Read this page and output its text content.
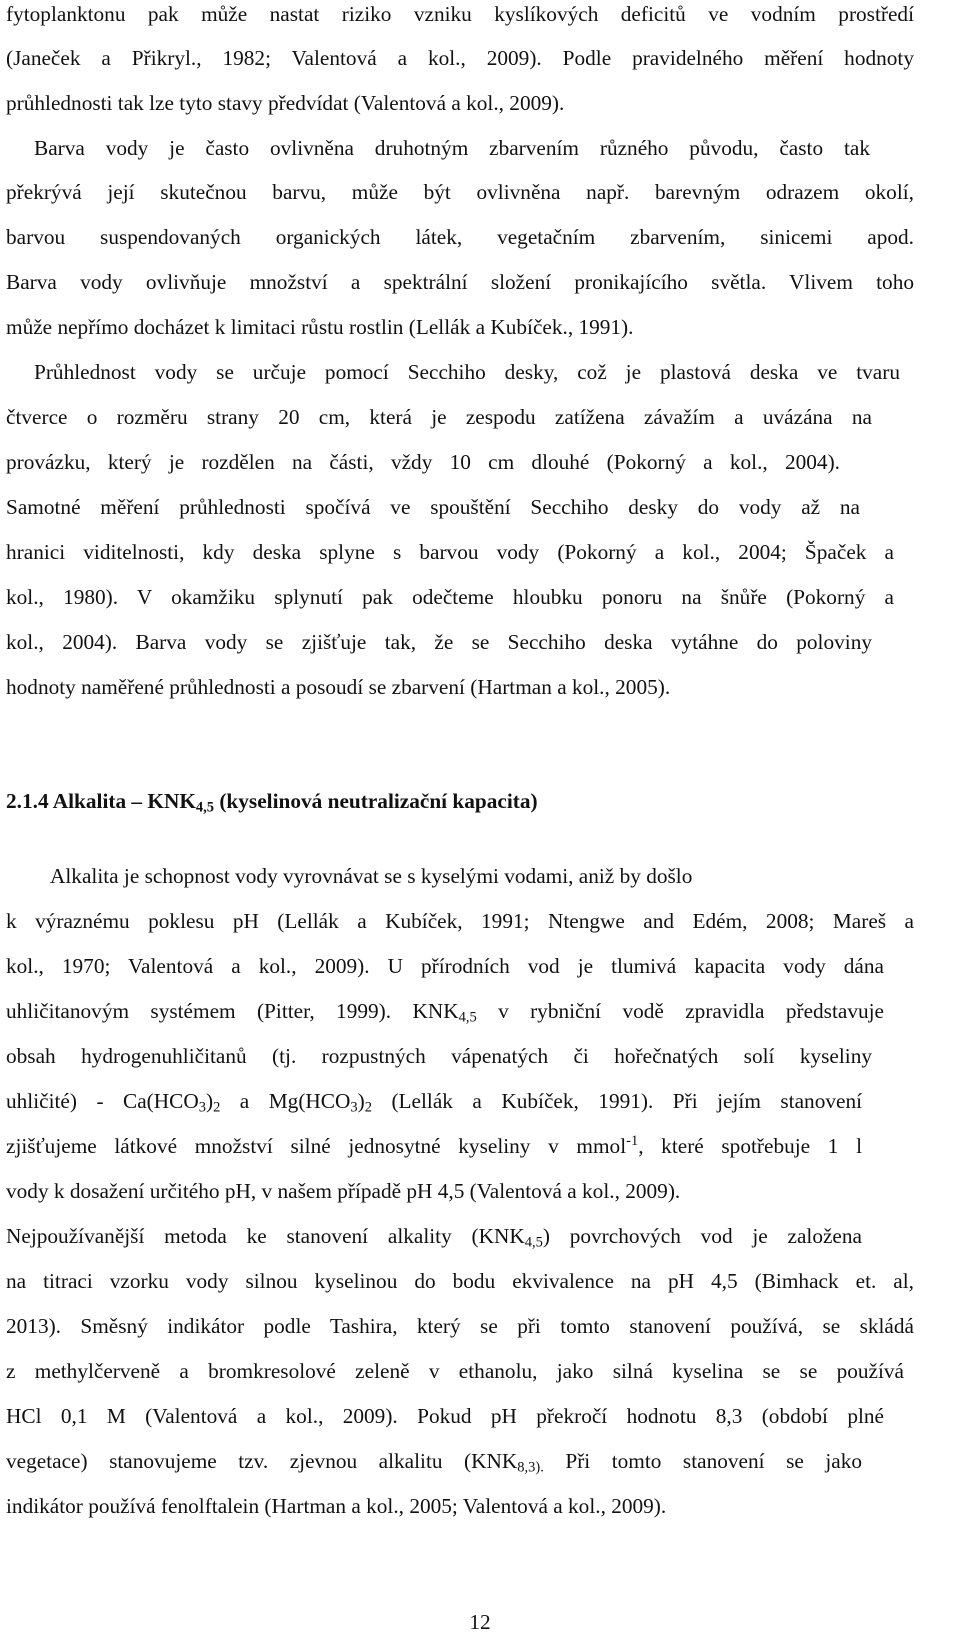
fytoplanktonu pak může nastat riziko vzniku kyslíkových deficitů ve vodním prostředí
(Janeček a Přikryl., 1982; Valentová a kol., 2009). Podle pravidelného měření hodnoty
průhlednosti tak lze tyto stavy předvídat (Valentová a kol., 2009).
Barva vody je často ovlivněna druhotným zbarvením různého původu, často tak
překrývá její skutečnou barvu, může být ovlivněna např. barevným odrazem okolí,
barvou suspendovaných organických látek, vegetačním zbarvením, sinicemi apod.
Barva vody ovlivňuje množství a spektrální složení pronikajícího světla. Vlivem toho
může nepřímo docházet k limitaci růstu rostlin (Lellák a Kubíček., 1991).
Průhlednost vody se určuje pomocí Secchiho desky, což je plastová deska ve tvaru
čtverce o rozměru strany 20 cm, která je zespodu zatížena závažím a uvázána na
provázku, který je rozdělen na části, vždy 10 cm dlouhé (Pokorný a kol., 2004).
Samotné měření průhlednosti spočívá ve spouštění Secchiho desky do vody až na
hranici viditelnosti, kdy deska splyne s barvou vody (Pokorný a kol., 2004; Špaček a
kol., 1980). V okamžiku splynutí pak odečteme hloubku ponoru na šnůře (Pokorný a
kol., 2004). Barva vody se zjišťuje tak, že se Secchiho deska vytáhne do poloviny
hodnoty naměřené průhlednosti a posoudí se zbarvení (Hartman a kol., 2005).
2.1.4 Alkalita – $KNK_{4,5}$ (kyselinová neutralizační kapacita)
Alkalita je schopnost vody vyrovnávat se s kyselými vodami, aniž by došlo
k výraznému poklesu pH (Lellák a Kubíček, 1991; Ntengwe and Edém, 2008; Mareš a
kol., 1970; Valentová a kol., 2009). U přírodních vod je tlumivá kapacita vody dána
uhličitanovým systémem (Pitter, 1999). $KNK_{4,5}$ v rybniční vodě zpravidla představuje
obsah hydrogenuhličitanů (tj. rozpustných vápenatých či hořečnatých solí kyseliny
uhličité) - $Ca(HCO_3)_2$ a $Mg(HCO_3)_2$ (Lellák a Kubíček, 1991). Při jejím stanovení
zjišťujeme látkové množství silné jednosytné kyseliny v mmol$^{-1}$, které spotřebuje 1 l
vody k dosažení určitého pH, v našem případě pH 4,5 (Valentová a kol., 2009).
Nejpoužívanější metoda ke stanovení alkality $(KNK_{4,5})$ povrchových vod je založena
na titraci vzorku vody silnou kyselinou do bodu ekvivalence na pH 4,5 (Bimhack et. al,
2013). Směsný indikátor podle Tashira, který se při tomto stanovení používá, se skládá
z methylčerveně a bromkresolové zeleně v ethanolu, jako silná kyselina se se používá
HCl 0,1 M (Valentová a kol., 2009). Pokud pH překročí hodnotu 8,3 (období plné
vegetace) stanovujeme tzv. zjevnou alkalitu ($KNK_{8,3).}$ Při tomto stanovení se jako
indikátor používá fenolftalein (Hartman a kol., 2005; Valentová a kol., 2009).
12
